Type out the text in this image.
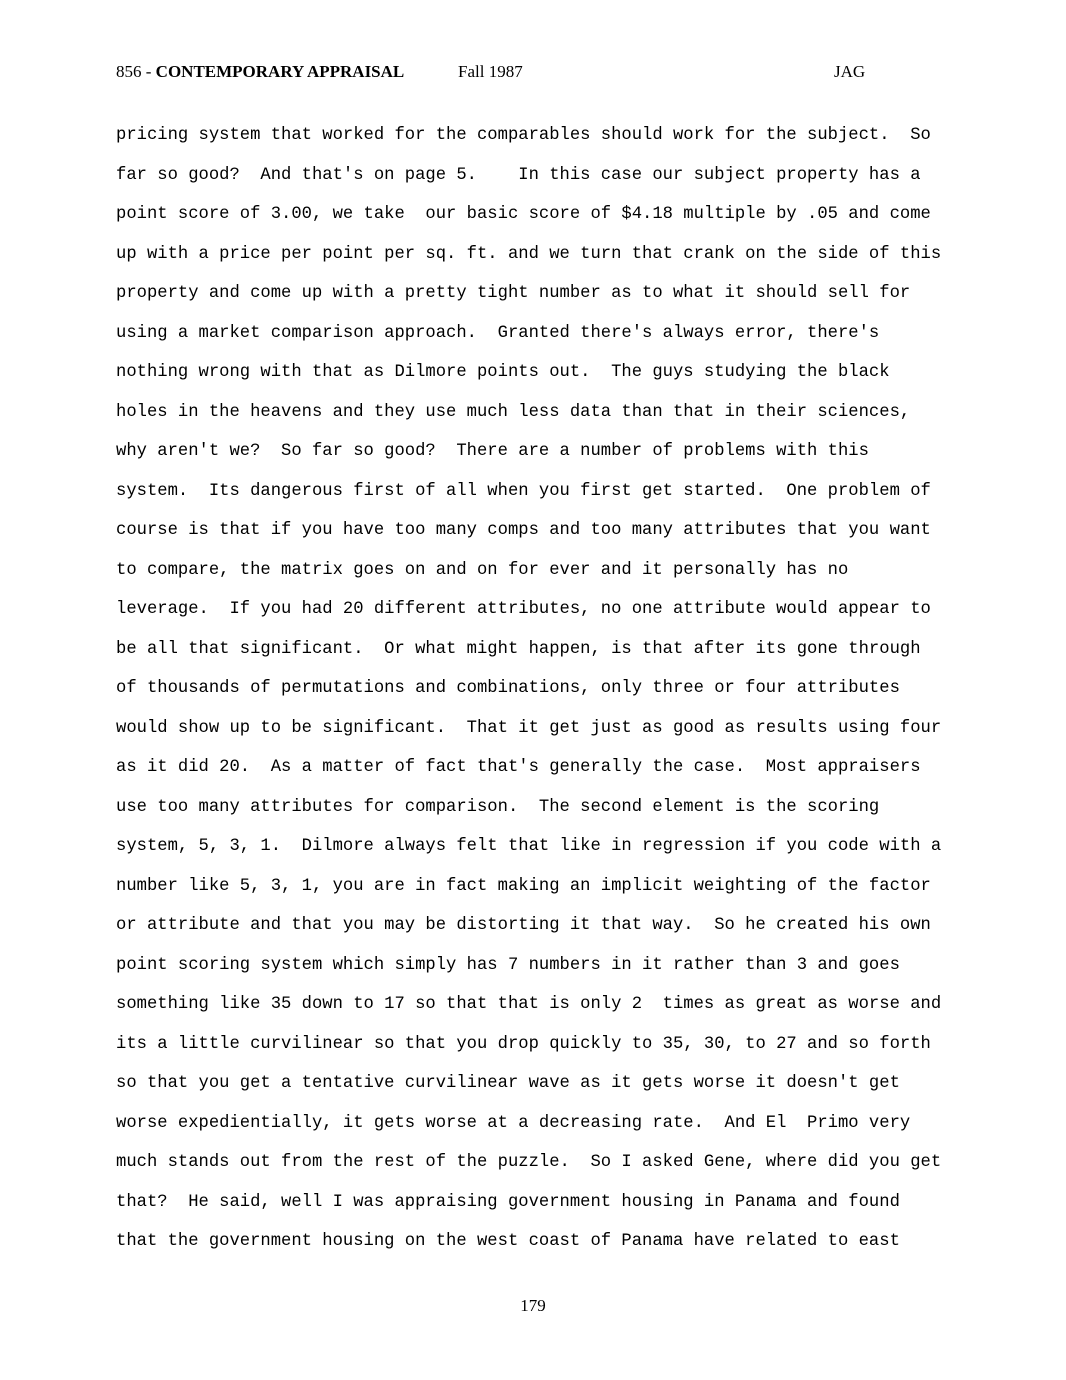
856 - CONTEMPORARY APPRAISAL	Fall 1987	JAG
pricing system that worked for the comparables should work for the subject.  So
far so good?  And that's on page 5.    In this case our subject property has a
point score of 3.00, we take  our basic score of $4.18 multiple by .05 and come
up with a price per point per sq. ft. and we turn that crank on the side of this
property and come up with a pretty tight number as to what it should sell for
using a market comparison approach.  Granted there's always error, there's
nothing wrong with that as Dilmore points out.  The guys studying the black
holes in the heavens and they use much less data than that in their sciences,
why aren't we?  So far so good?  There are a number of problems with this
system.  Its dangerous first of all when you first get started.  One problem of
course is that if you have too many comps and too many attributes that you want
to compare, the matrix goes on and on for ever and it personally has no
leverage.  If you had 20 different attributes, no one attribute would appear to
be all that significant.  Or what might happen, is that after its gone through
of thousands of permutations and combinations, only three or four attributes
would show up to be significant.  That it get just as good as results using four
as it did 20.  As a matter of fact that's generally the case.  Most appraisers
use too many attributes for comparison.  The second element is the scoring
system, 5, 3, 1.  Dilmore always felt that like in regression if you code with a
number like 5, 3, 1, you are in fact making an implicit weighting of the factor
or attribute and that you may be distorting it that way.  So he created his own
point scoring system which simply has 7 numbers in it rather than 3 and goes
something like 35 down to 17 so that that is only 2  times as great as worse and
its a little curvilinear so that you drop quickly to 35, 30, to 27 and so forth
so that you get a tentative curvilinear wave as it gets worse it doesn't get
worse expedientially, it gets worse at a decreasing rate.  And El  Primo very
much stands out from the rest of the puzzle.  So I asked Gene, where did you get
that?  He said, well I was appraising government housing in Panama and found
that the government housing on the west coast of Panama have related to east
179
